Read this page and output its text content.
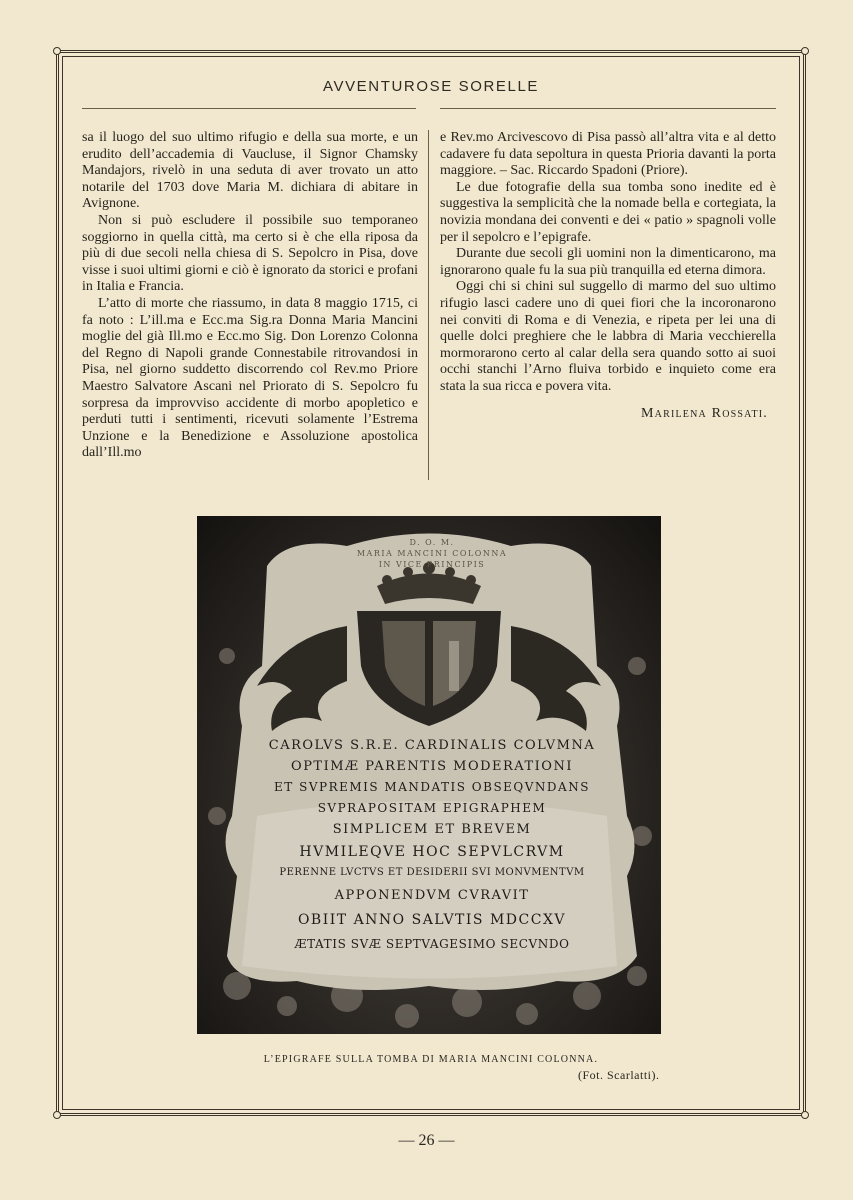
AVVENTUROSE SORELLE

sa il luogo del suo ultimo rifugio e della sua morte, e un erudito dell’accademia di Vaucluse, il Signor Chamsky Mandajors, rivelò in una seduta di aver trovato un atto notarile del 1703 dove Maria M. dichiara di abitare in Avignone.

Non si può escludere il possibile suo temporaneo soggiorno in quella città, ma certo si è che ella riposa da più di due secoli nella chiesa di S. Sepolcro in Pisa, dove visse i suoi ultimi giorni e ciò è ignorato da storici e profani in Italia e Francia.

L’atto di morte che riassumo, in data 8 maggio 1715, ci fa noto : L’ill.ma e Ecc.ma Sig.ra Donna Maria Mancini moglie del già Ill.mo e Ecc.mo Sig. Don Lorenzo Colonna del Regno di Napoli grande Connestabile ritrovandosi in Pisa, nel giorno suddetto discorrendo col Rev.mo Priore Maestro Salvatore Ascani nel Priorato di S. Sepolcro fu sorpresa da improvviso accidente di morbo apopletico e perduti tutti i sentimenti, ricevuti solamente l’Estrema Unzione e la Benedizione e Assoluzione apostolica dall’Ill.mo

e Rev.mo Arcivescovo di Pisa passò all’altra vita e al detto cadavere fu data sepoltura in questa Prioria davanti la porta maggiore. – Sac. Riccardo Spadoni (Priore).

Le due fotografie della sua tomba sono inedite ed è suggestiva la semplicità che la nomade bella e cortegiata, la novizia mondana dei conventi e dei « patio » spagnoli volle per il sepolcro e l’epigrafe.

Durante due secoli gli uomini non la dimenticarono, ma ignorarono quale fu la sua più tranquilla ed eterna dimora.

Oggi chi si chini sul suggello di marmo del suo ultimo rifugio lasci cadere uno di quei fiori che la incoronarono nei conviti di Roma e di Venezia, e ripeta per lei una di quelle dolci preghiere che le labbra di Maria vecchierella mormorarono certo al calar della sera quando sotto ai suoi occhi stanchi l’Arno fluiva torbido e inquieto come era stata la sua ricca e povera vita.

Marilena Rossati.
D. O. M.
MARIA MANCINI COLONNA
IN VICE PRINCIPIS
CAROLVS S.R.E. CARDINALIS COLVMNA
OPTIMÆ PARENTIS MODERATIONI
ET SVPREMIS MANDATIS OBSEQVNDANS
SVPRAPOSITAM EPIGRAPHEM
SIMPLICEM ET BREVEM
HVMILEQVE HOC SEPVLCRVM
PERENNE LVCTVS ET DESIDERII SVI MONVMENTVM
APPONENDVM CVRAVIT
OBIIT ANNO SALVTIS MDCCXV
ÆTATIS SVÆ SEPTVAGESIMO SECVNDO
L’EPIGRAFE SULLA TOMBA DI MARIA MANCINI COLONNA.
(Fot. Scarlatti).
— 26 —
